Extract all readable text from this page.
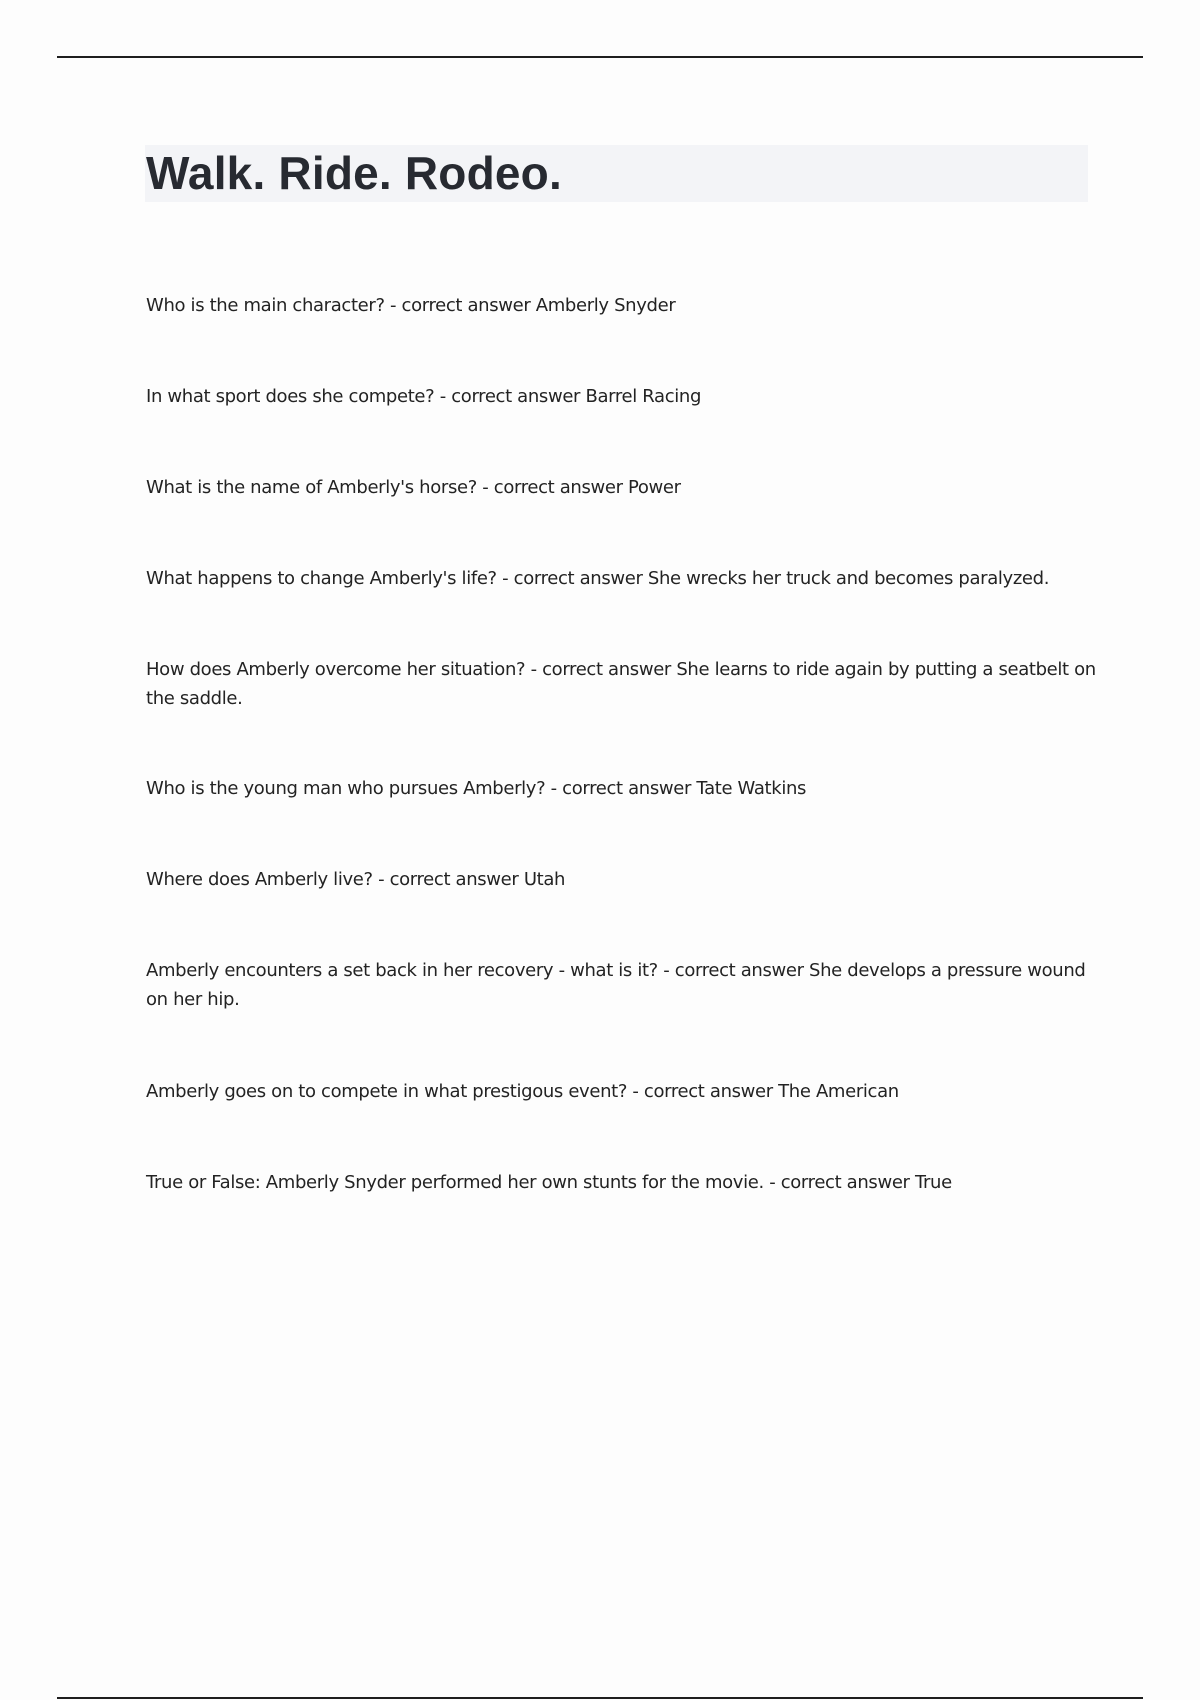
Walk. Ride. Rodeo.
Who is the main character? - correct answer Amberly Snyder
In what sport does she compete? - correct answer Barrel Racing
What is the name of Amberly's horse? - correct answer Power
What happens to change Amberly's life? - correct answer She wrecks her truck and becomes paralyzed.
How does Amberly overcome her situation? - correct answer She learns to ride again by putting a seatbelt on the saddle.
Who is the young man who pursues Amberly? - correct answer Tate Watkins
Where does Amberly live? - correct answer Utah
Amberly encounters a set back in her recovery - what is it? - correct answer She develops a pressure wound on her hip.
Amberly goes on to compete in what prestigous event? - correct answer The American
True or False: Amberly Snyder performed her own stunts for the movie. - correct answer True
